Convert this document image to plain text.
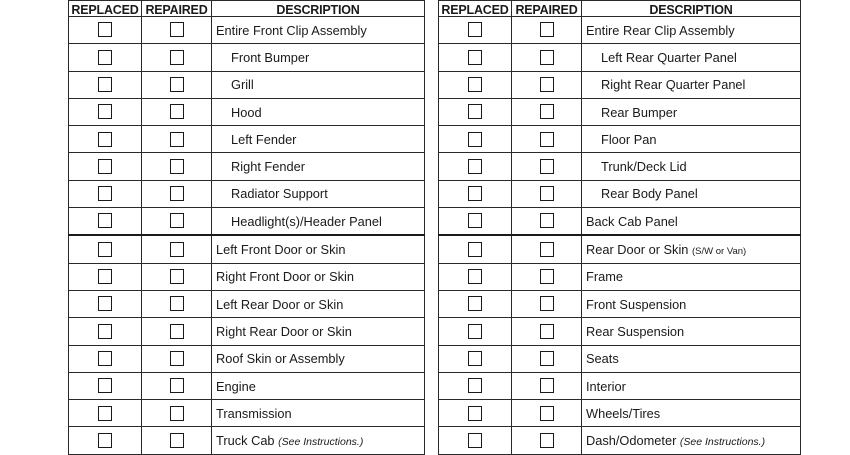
REPLACED	REPAIRED	DESCRIPTION
		Entire Front Clip Assembly
		Front Bumper
		Grill
		Hood
		Left Fender
		Right Fender
		Radiator Support
		Headlight(s)/Header Panel
		Left Front Door or Skin
		Right Front Door or Skin
		Left Rear Door or Skin
		Right Rear Door or Skin
		Roof Skin or Assembly
		Engine
		Transmission
		Truck Cab (See Instructions.)
REPLACED	REPAIRED	DESCRIPTION
		Entire Rear Clip Assembly
		Left Rear Quarter Panel
		Right Rear Quarter Panel
		Rear Bumper
		Floor Pan
		Trunk/Deck Lid
		Rear Body Panel
		Back Cab Panel
		Rear Door or Skin (S/W or Van)
		Frame
		Front Suspension
		Rear Suspension
		Seats
		Interior
		Wheels/Tires
		Dash/Odometer (See Instructions.)
